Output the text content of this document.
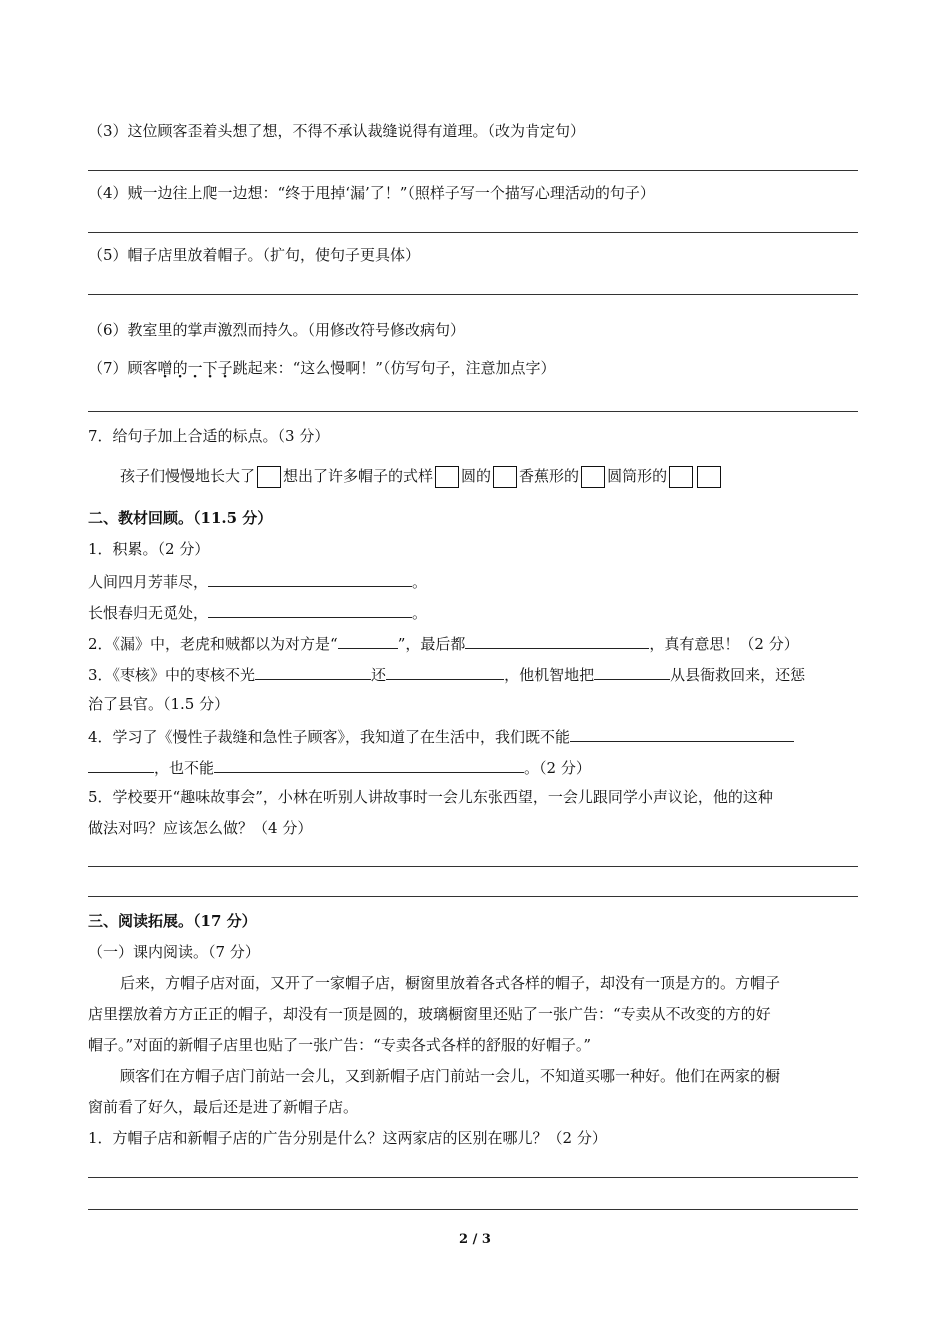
（3）这位顾客歪着头想了想，不得不承认裁缝说得有道理。（改为肯定句）
（4）贼一边往上爬一边想：“终于甩掉‘漏’了！”（照样子写一个描写心理活动的句子）
（5）帽子店里放着帽子。（扩句，使句子更具体）
（6）教室里的掌声激烈而持久。（用修改符号修改病句）
（7）顾客噌的一下子跳起来：“这么慢啊！”（仿写句子，注意加点字）
7．给句子加上合适的标点。（3 分）
孩子们慢慢地长大了 想出了许多帽子的式样 圆的 香蕉形的 圆筒形的
二、教材回顾。（11.5 分）
1．积累。（2 分）
人间四月芳菲尽，	。
长恨春归无觅处，	。
2．《漏》中，老虎和贼都以为对方是“	”，最后都	，真有意思！（2 分）
3．《枣核》中的枣核不光	还	，他机智地把	从县衙救回来，还惩
治了县官。（1.5 分）
4．学习了《慢性子裁缝和急性子顾客》，我知道了在生活中，我们既不能
，也不能	。（2 分）
5．学校要开“趣味故事会”，小林在听别人讲故事时一会儿东张西望，一会儿跟同学小声议论，他的这种
做法对吗？应该怎么做？（4 分）
三、阅读拓展。（17 分）
（一）课内阅读。（7 分）
后来，方帽子店对面，又开了一家帽子店，橱窗里放着各式各样的帽子，却没有一顶是方的。方帽子
店里摆放着方方正正的帽子，却没有一顶是圆的，玻璃橱窗里还贴了一张广告：“专卖从不改变的方的好
帽子。”对面的新帽子店里也贴了一张广告：“专卖各式各样的舒服的好帽子。”
顾客们在方帽子店门前站一会儿，又到新帽子店门前站一会儿，不知道买哪一种好。他们在两家的橱
窗前看了好久，最后还是进了新帽子店。
1．方帽子店和新帽子店的广告分别是什么？这两家店的区别在哪儿？（2 分）
2 / 3
